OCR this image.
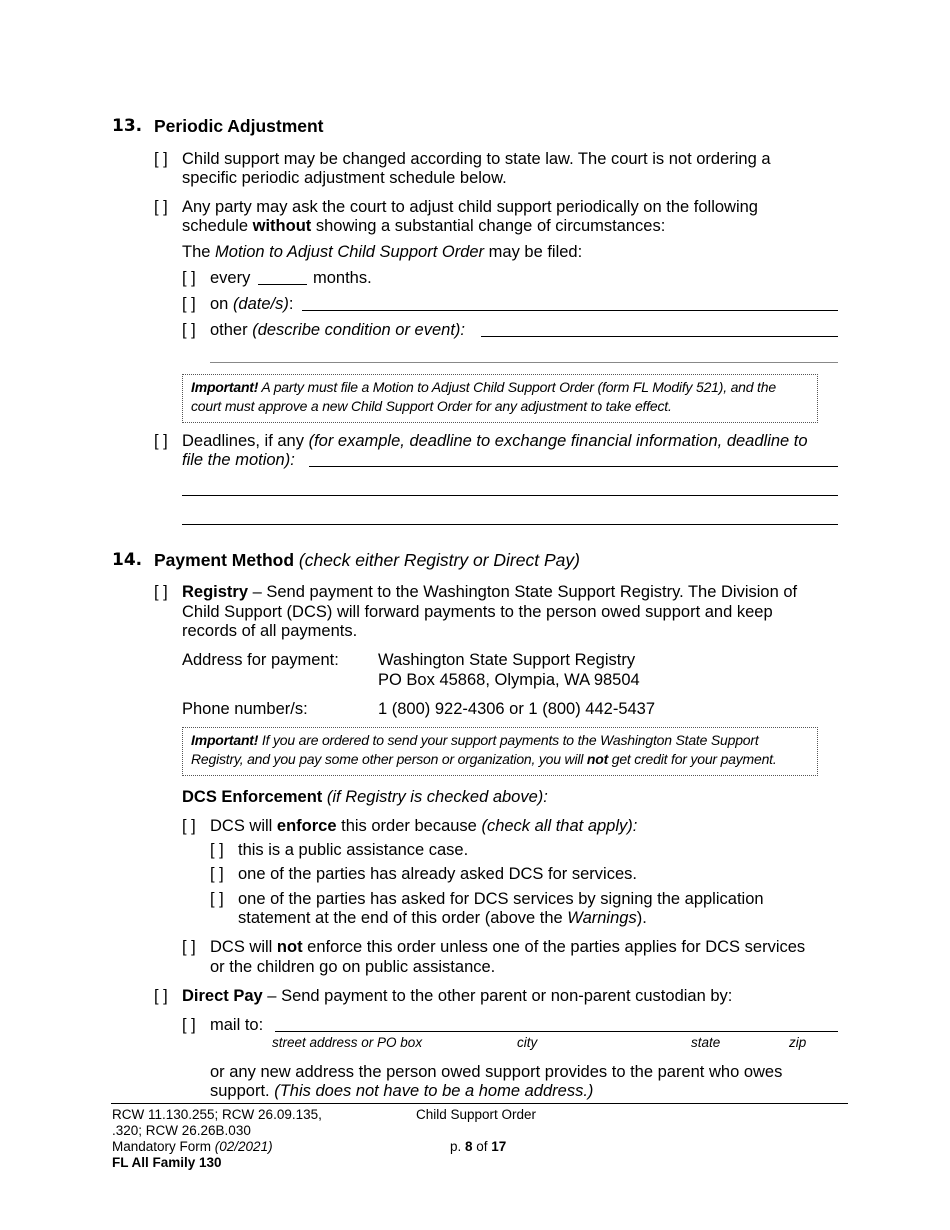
13. Periodic Adjustment
[ ] Child support may be changed according to state law. The court is not ordering a
specific periodic adjustment schedule below.
[ ] Any party may ask the court to adjust child support periodically on the following
schedule without showing a substantial change of circumstances:
The Motion to Adjust Child Support Order may be filed:
[ ] every	months.
[ ] on (date/s):
[ ] other (describe condition or event):
Important! A party must file a Motion to Adjust Child Support Order (form FL Modify 521), and the
court must approve a new Child Support Order for any adjustment to take effect.
[ ] Deadlines, if any (for example, deadline to exchange financial information, deadline to
file the motion):
14. Payment Method (check either Registry or Direct Pay)
[ ] Registry – Send payment to the Washington State Support Registry. The Division of
Child Support (DCS) will forward payments to the person owed support and keep
records of all payments.
Address for payment: Washington State Support Registry
PO Box 45868, Olympia, WA 98504
Phone number/s:	1 (800) 922-4306 or 1 (800) 442-5437
Important! If you are ordered to send your support payments to the Washington State Support
Registry, and you pay some other person or organization, you will not get credit for your payment.
DCS Enforcement (if Registry is checked above):
[ ] DCS will enforce this order because (check all that apply):
[ ] this is a public assistance case.
[ ] one of the parties has already asked DCS for services.
[ ] one of the parties has asked for DCS services by signing the application
statement at the end of this order (above the Warnings).
[ ] DCS will not enforce this order unless one of the parties applies for DCS services
or the children go on public assistance.
[ ] Direct Pay – Send payment to the other parent or non-parent custodian by:
[ ] mail to:
street address or PO box	city	state	zip
or any new address the person owed support provides to the parent who owes
support. (This does not have to be a home address.)
RCW 11.130.255; RCW 26.09.135,
.320; RCW 26.26B.030
Mandatory Form (02/2021)
FL All Family 130
Child Support Order
p. 8 of 17
